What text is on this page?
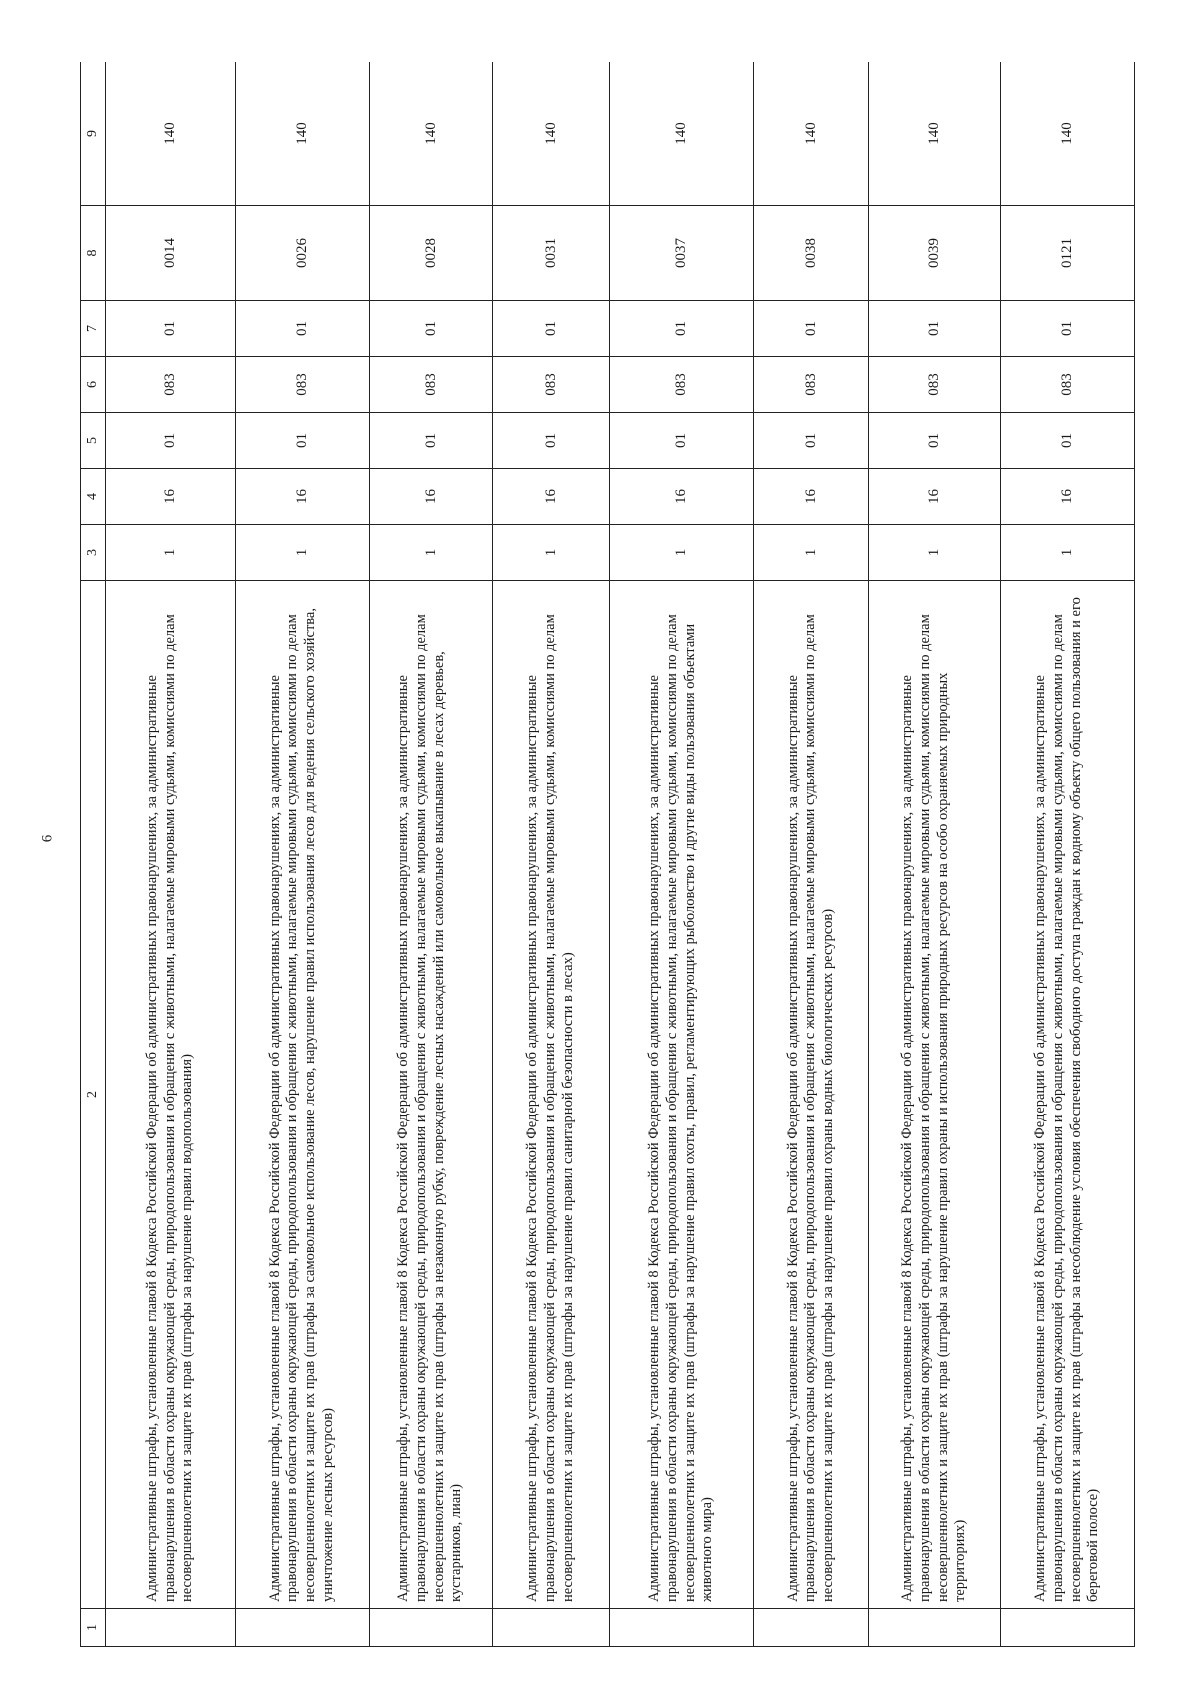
6
1	2	3	4	5	6	7	8	9
	Административные штрафы, установленные главой 8 Кодекса Российской Федерации об административных правонарушениях, за административные правонарушения в области охраны окружающей среды, природопользования и обращения с животными, налагаемые мировыми судьями, комиссиями по делам несовершеннолетних и защите их прав (штрафы за нарушение правил водопользования)	1	16	01	083	01	0014	140
	Административные штрафы, установленные главой 8 Кодекса Российской Федерации об административных правонарушениях, за административные правонарушения в области охраны окружающей среды, природопользования и обращения с животными, налагаемые мировыми судьями, комиссиями по делам несовершеннолетних и защите их прав (штрафы за самовольное использование лесов, нарушение правил использования лесов для ведения сельского хозяйства, уничтожение лесных ресурсов)	1	16	01	083	01	0026	140
	Административные штрафы, установленные главой 8 Кодекса Российской Федерации об административных правонарушениях, за административные правонарушения в области охраны окружающей среды, природопользования и обращения с животными, налагаемые мировыми судьями, комиссиями по делам несовершеннолетних и защите их прав (штрафы за незаконную рубку, повреждение лесных насаждений или самовольное выкапывание в лесах деревьев, кустарников, лиан)	1	16	01	083	01	0028	140
	Административные штрафы, установленные главой 8 Кодекса Российской Федерации об административных правонарушениях, за административные правонарушения в области охраны окружающей среды, природопользования и обращения с животными, налагаемые мировыми судьями, комиссиями по делам несовершеннолетних и защите их прав (штрафы за нарушение правил санитарной безопасности в лесах)	1	16	01	083	01	0031	140
	Административные штрафы, установленные главой 8 Кодекса Российской Федерации об административных правонарушениях, за административные правонарушения в области охраны окружающей среды, природопользования и обращения с животными, налагаемые мировыми судьями, комиссиями по делам несовершеннолетних и защите их прав (штрафы за нарушение правил охоты, правил, регламентирующих рыболовство и другие виды пользования объектами животного мира)	1	16	01	083	01	0037	140
	Административные штрафы, установленные главой 8 Кодекса Российской Федерации об административных правонарушениях, за административные правонарушения в области охраны окружающей среды, природопользования и обращения с животными, налагаемые мировыми судьями, комиссиями по делам несовершеннолетних и защите их прав (штрафы за нарушение правил охраны водных биологических ресурсов)	1	16	01	083	01	0038	140
	Административные штрафы, установленные главой 8 Кодекса Российской Федерации об административных правонарушениях, за административные правонарушения в области охраны окружающей среды, природопользования и обращения с животными, налагаемые мировыми судьями, комиссиями по делам несовершеннолетних и защите их прав (штрафы за нарушение правил охраны и использования природных ресурсов на особо охраняемых природных территориях)	1	16	01	083	01	0039	140
	Административные штрафы, установленные главой 8 Кодекса Российской Федерации об административных правонарушениях, за административные правонарушения в области охраны окружающей среды, природопользования и обращения с животными, налагаемые мировыми судьями, комиссиями по делам несовершеннолетних и защите их прав (штрафы за несоблюдение условия обеспечения свободного доступа граждан к водному объекту общего пользования и его береговой полосе)	1	16	01	083	01	0121	140
